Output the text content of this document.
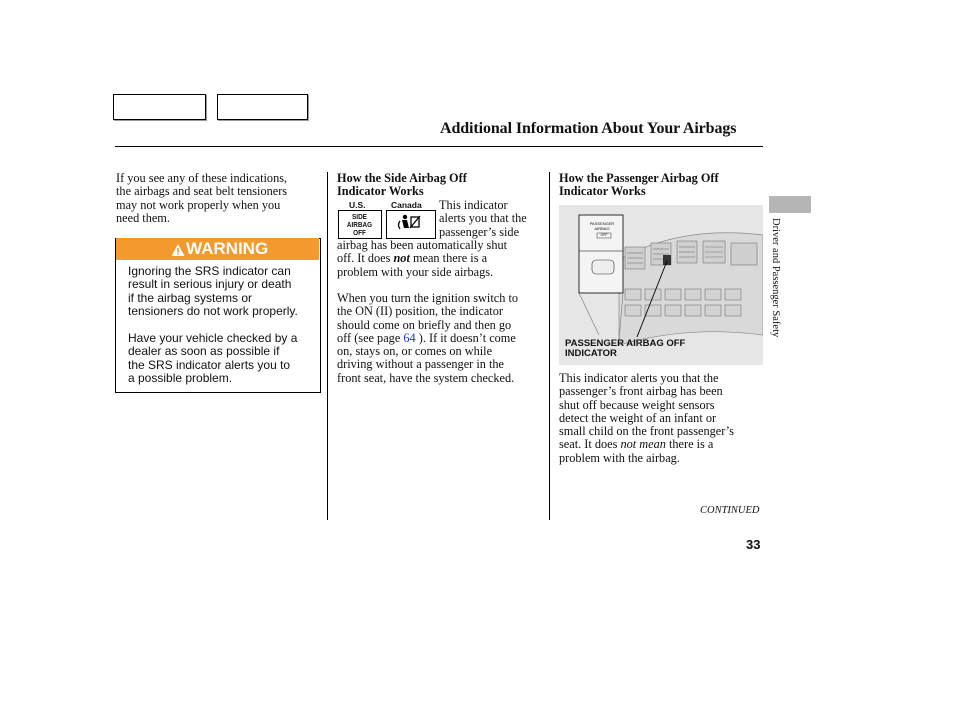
Additional Information About Your Airbags
If you see any of these indications,
the airbags and seat belt tensioners
may not work properly when you
need them.
WARNING
Ignoring the SRS indicator can
result in serious injury or death
if the airbag systems or
tensioners do not work properly.
Have your vehicle checked by a
dealer as soon as possible if
the SRS indicator alerts you to
a possible problem.
How the Side Airbag Off
Indicator Works
U.S.	Canada
SIDE
AIRBAG
OFF
This indicator
alerts you that the
passenger’s side
airbag has been automatically shut
off. It does not mean there is a
problem with your side airbags.
When you turn the ignition switch to
the ON (II) position, the indicator
should come on briefly and then go
off (see page 64 ). If it doesn’t come
on, stays on, or comes on while
driving without a passenger in the
front seat, have the system checked.
How the Passenger Airbag Off
Indicator Works
PASSENGER
AIRBAG
OFF
PASSENGER AIRBAG OFF
INDICATOR
This indicator alerts you that the
passenger’s front airbag has been
shut off because weight sensors
detect the weight of an infant or
small child on the front passenger’s
seat. It does not mean there is a
problem with the airbag.
CONTINUED
33
Driver and Passenger Safety
